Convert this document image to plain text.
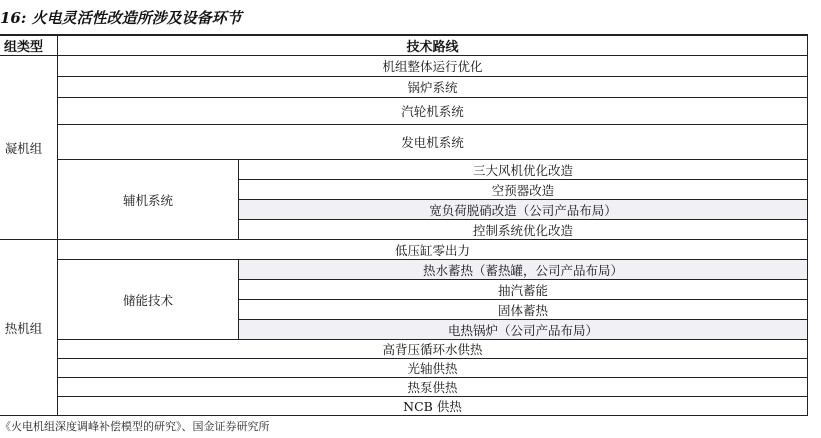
16: 火电灵活性改造所涉及设备环节
组类型	技术路线
凝机组
机组整体运行优化
锅炉系统
汽轮机系统
发电机系统
辅机系统
三大风机优化改造
空预器改造
宽负荷脱硝改造（公司产品布局）
控制系统优化改造
热机组
低压缸零出力
储能技术
热水蓄热（蓄热罐，公司产品布局）
抽汽蓄能
固体蓄热
电热锅炉（公司产品布局）
高背压循环水供热
光轴供热
热泵供热
NCB 供热
《火电机组深度调峰补偿模型的研究》、国金证券研究所
